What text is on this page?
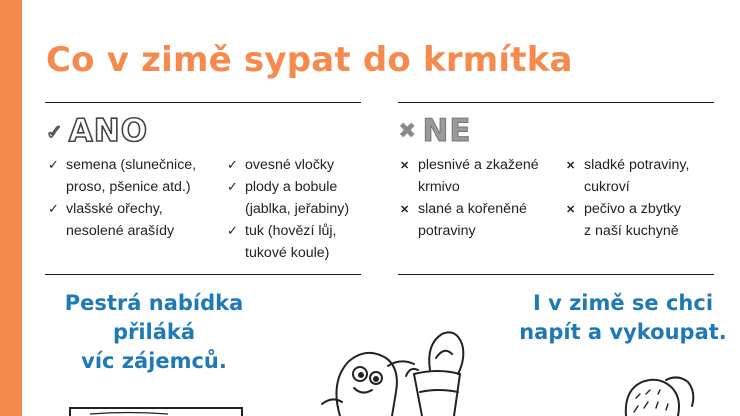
Co v zimě sypat do krmítka
✓ ANO	✖ NE
✓ semena (slunečnice,
proso, pšenice atd.)
✓ vlašské ořechy,
nesolené arašídy
✓ ovesné vločky
✓ plody a bobule
(jablka, jeřabiny)
✓ tuk (hovězí lůj,
tukové koule)
✕ plesnivé a zkažené
krmivo
✕ slané a kořeněné
potraviny
✕ sladké potraviny,
cukroví
✕ pečivo a zbytky
z naší kuchyně
Pestrá nabídka
přiláká
víc zájemců.
I v zimě se chci
napít a vykoupat.
